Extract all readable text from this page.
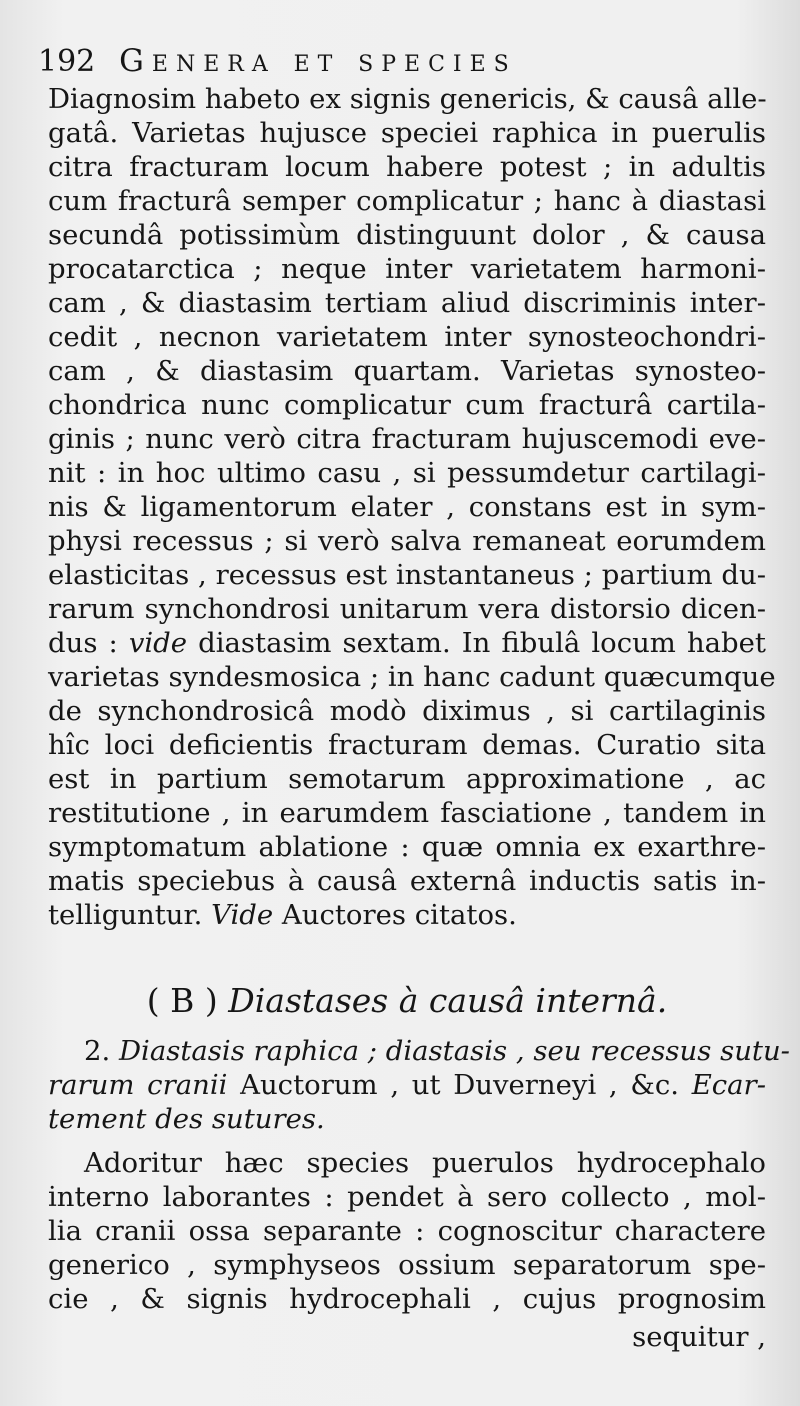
192 Genera et species
Diagnosim habeto ex signis genericis, & causâ alle-
gatâ. Varietas hujusce speciei raphica in puerulis
citra fracturam locum habere potest ; in adultis
cum fracturâ semper complicatur ; hanc à diastasi
secundâ potissimùm distinguunt dolor , & causa
procatarctica ; neque inter varietatem harmoni-
cam , & diastasim tertiam aliud discriminis inter-
cedit , necnon varietatem inter synosteochondri-
cam , & diastasim quartam. Varietas synosteo-
chondrica nunc complicatur cum fracturâ cartila-
ginis ; nunc verò citra fracturam hujuscemodi eve-
nit : in hoc ultimo casu , si pessumdetur cartilagi-
nis & ligamentorum elater , constans est in sym-
physi recessus ; si verò salva remaneat eorumdem
elasticitas , recessus est instantaneus ; partium du-
rarum synchondrosi unitarum vera distorsio dicen-
dus : vide diastasim sextam. In fibulâ locum habet
varietas syndesmosica ; in hanc cadunt quæcumque
de synchondrosicâ modò diximus , si cartilaginis
hîc loci deficientis fracturam demas. Curatio sita
est in partium semotarum approximatione , ac
restitutione , in earumdem fasciatione , tandem in
symptomatum ablatione : quæ omnia ex exarthre-
matis speciebus à causâ externâ inductis satis in-
telliguntur. Vide Auctores citatos.
( B ) Diastases à causâ internâ.
2. Diastasis raphica ; diastasis , seu recessus sutu-
rarum cranii Auctorum , ut Duverneyi , &c. Ecar-
tement des sutures.
Adoritur hæc species puerulos hydrocephalo
interno laborantes : pendet à sero collecto , mol-
lia cranii ossa separante : cognoscitur charactere
generico , symphyseos ossium separatorum spe-
cie , & signis hydrocephali , cujus prognosim
sequitur ,
